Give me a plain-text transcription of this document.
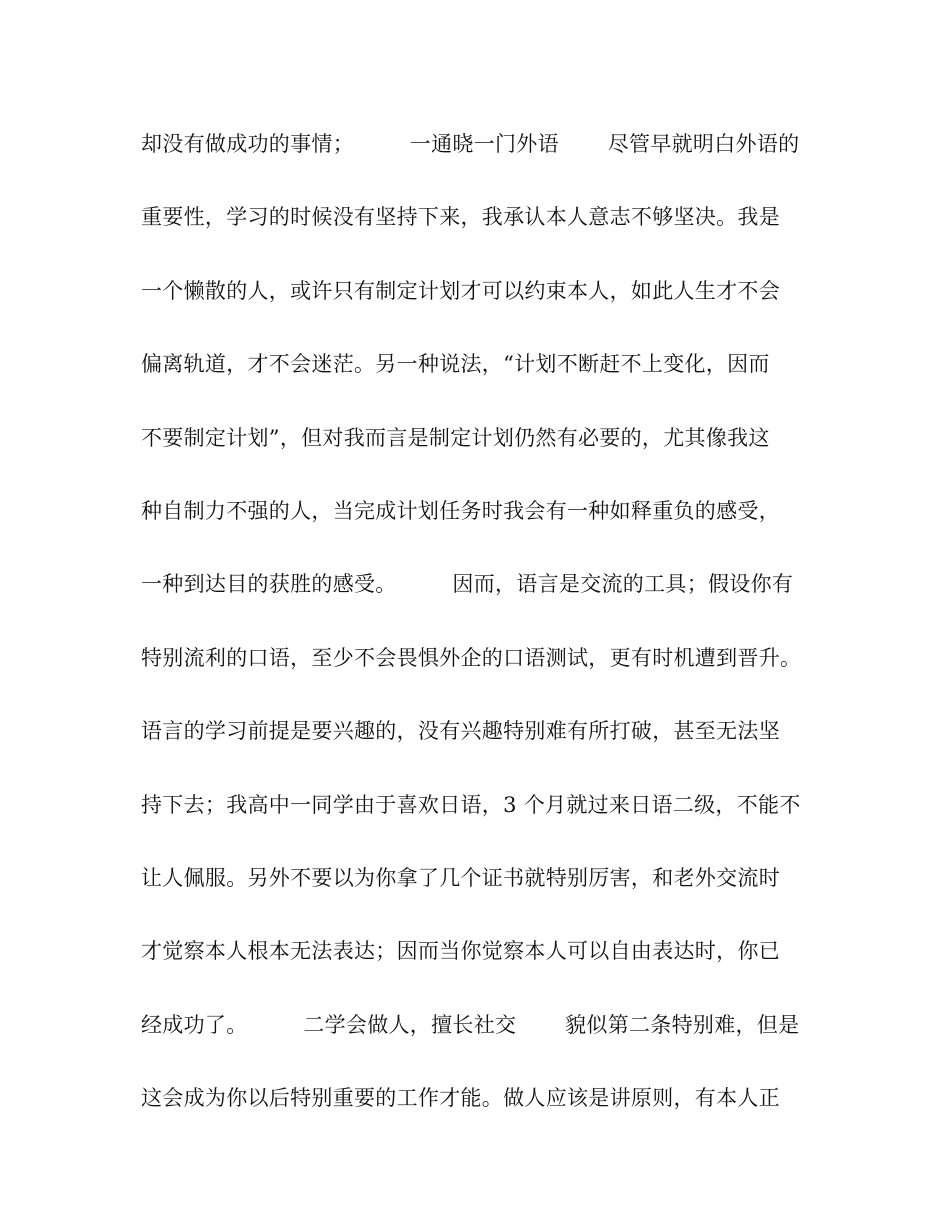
却没有做成功的事情；        一通晓一门外语       尽管早就明白外语的
重要性，学习的时候没有坚持下来，我承认本人意志不够坚决。我是
一个懒散的人，或许只有制定计划才可以约束本人，如此人生才不会
偏离轨道，才不会迷茫。另一种说法，“计划不断赶不上变化，因而
不要制定计划”，但对我而言是制定计划仍然有必要的，尤其像我这
种自制力不强的人，当完成计划任务时我会有一种如释重负的感受，
一种到达目的获胜的感受。        因而，语言是交流的工具；假设你有
特别流利的口语，至少不会畏惧外企的口语测试，更有时机遭到晋升。
语言的学习前提是要兴趣的，没有兴趣特别难有所打破，甚至无法坚
持下去；我高中一同学由于喜欢日语，3 个月就过来日语二级，不能不
让人佩服。另外不要以为你拿了几个证书就特别厉害，和老外交流时
才觉察本人根本无法表达；因而当你觉察本人可以自由表达时，你已
经成功了。        二学会做人，擅长社交       貌似第二条特别难，但是
这会成为你以后特别重要的工作才能。做人应该是讲原则，有本人正
